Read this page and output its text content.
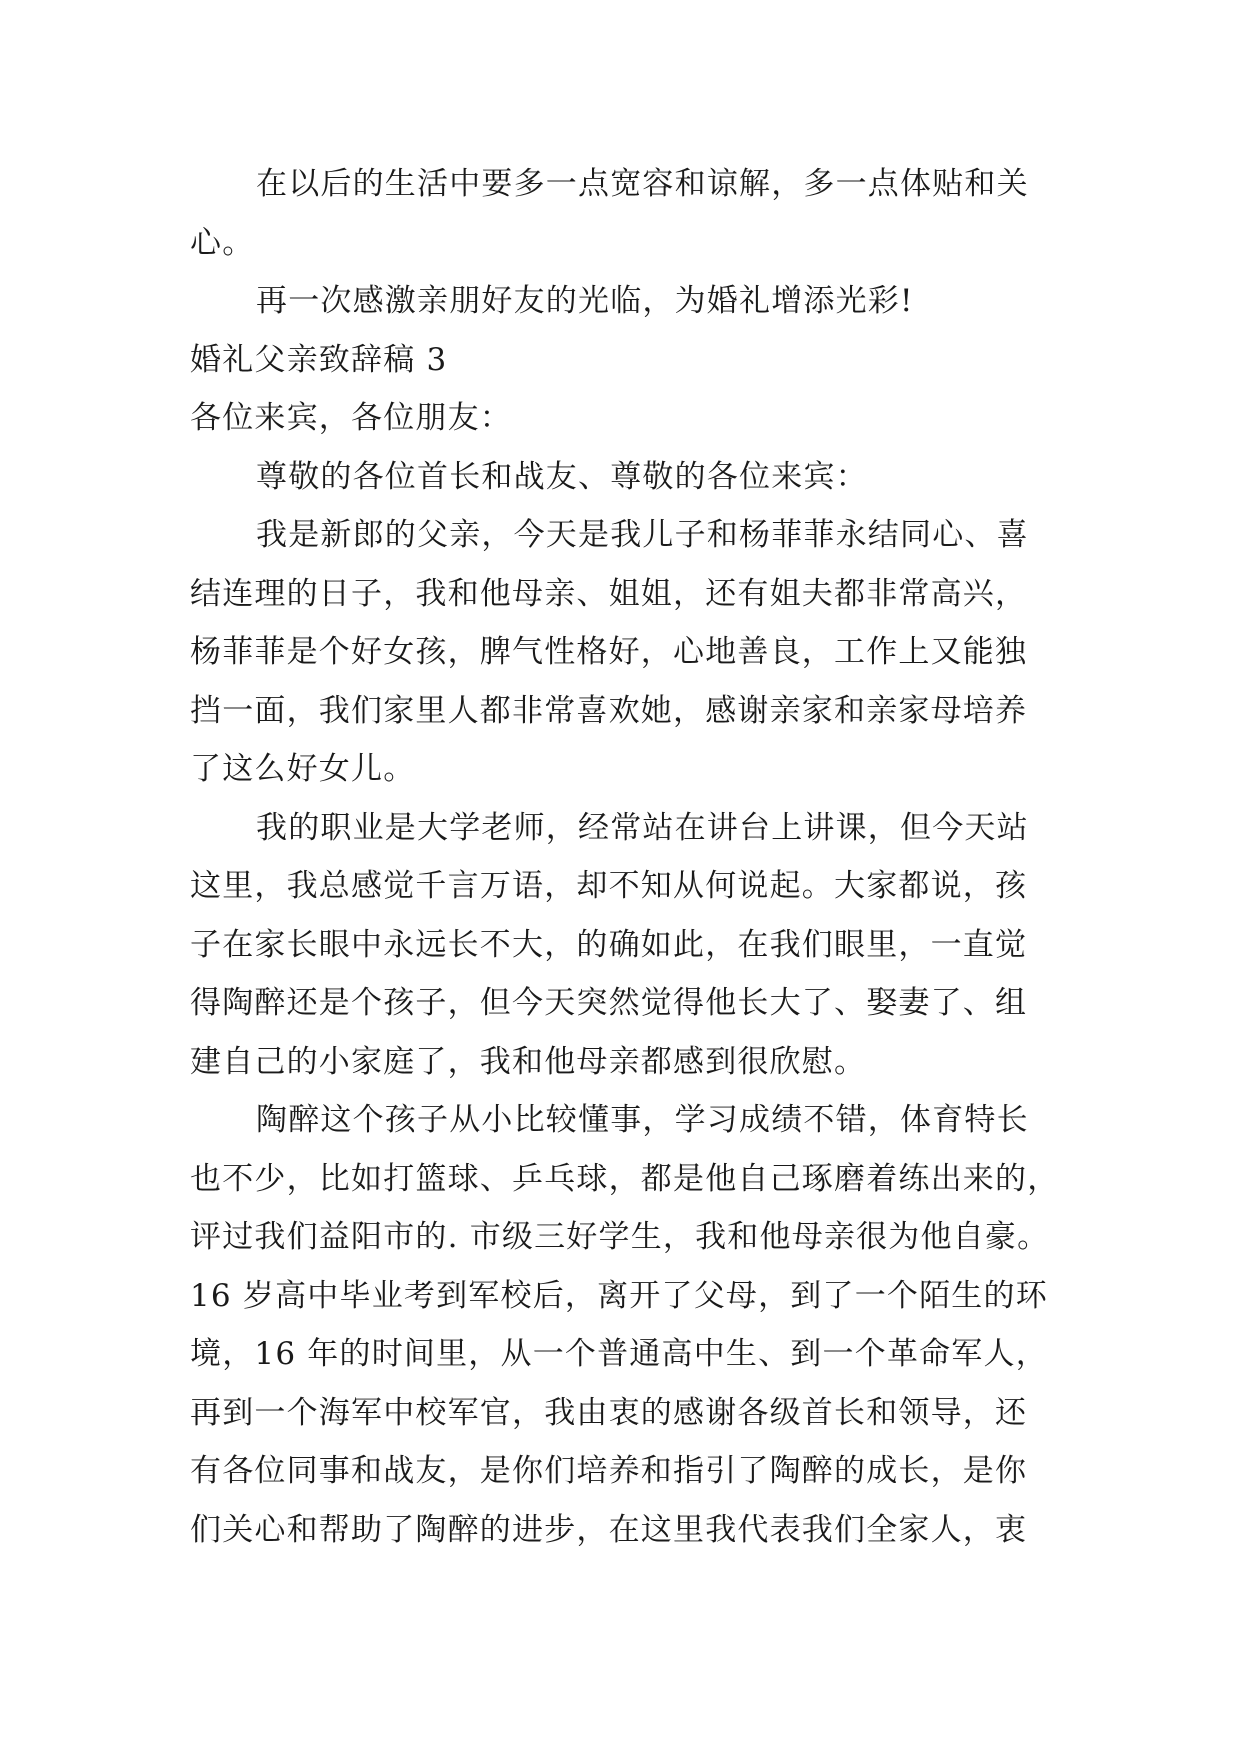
在以后的生活中要多一点宽容和谅解，多一点体贴和关
心。
再一次感激亲朋好友的光临，为婚礼增添光彩!
婚礼父亲致辞稿 3
各位来宾，各位朋友：
尊敬的各位首长和战友、尊敬的各位来宾：
我是新郎的父亲，今天是我儿子和杨菲菲永结同心、喜
结连理的日子，我和他母亲、姐姐，还有姐夫都非常高兴，
杨菲菲是个好女孩，脾气性格好，心地善良，工作上又能独
挡一面，我们家里人都非常喜欢她，感谢亲家和亲家母培养
了这么好女儿。
我的职业是大学老师，经常站在讲台上讲课，但今天站
这里，我总感觉千言万语，却不知从何说起。大家都说，孩
子在家长眼中永远长不大，的确如此，在我们眼里，一直觉
得陶醉还是个孩子，但今天突然觉得他长大了、娶妻了、组
建自己的小家庭了，我和他母亲都感到很欣慰。
陶醉这个孩子从小比较懂事，学习成绩不错，体育特长
也不少，比如打篮球、乒乓球，都是他自己琢磨着练出来的，
评过我们益阳市的. 市级三好学生，我和他母亲很为他自豪。
16 岁高中毕业考到军校后，离开了父母，到了一个陌生的环
境，16 年的时间里，从一个普通高中生、到一个革命军人，
再到一个海军中校军官，我由衷的感谢各级首长和领导，还
有各位同事和战友，是你们培养和指引了陶醉的成长，是你
们关心和帮助了陶醉的进步，在这里我代表我们全家人，衷
